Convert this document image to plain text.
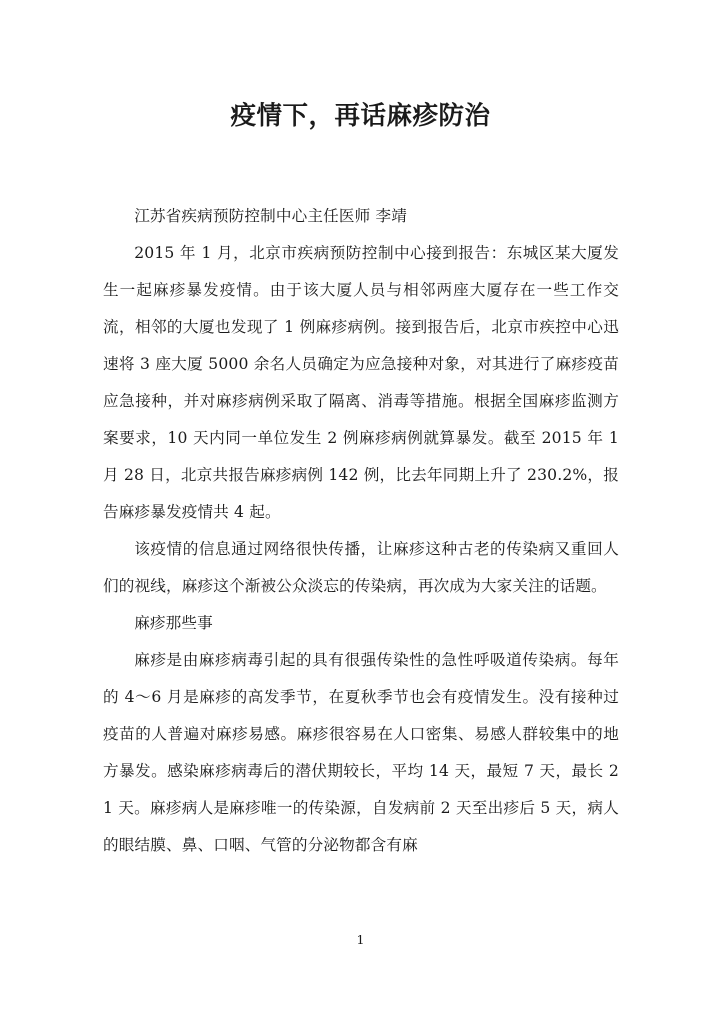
疫情下，再话麻疹防治

江苏省疾病预防控制中心主任医师 李靖

2015 年 1 月，北京市疾病预防控制中心接到报告：东城区某大厦发生一起麻疹暴发疫情。由于该大厦人员与相邻两座大厦存在一些工作交流，相邻的大厦也发现了 1 例麻疹病例。接到报告后，北京市疾控中心迅速将 3 座大厦 5000 余名人员确定为应急接种对象，对其进行了麻疹疫苗应急接种，并对麻疹病例采取了隔离、消毒等措施。根据全国麻疹监测方案要求，10 天内同一单位发生 2 例麻疹病例就算暴发。截至 2015 年 1 月 28 日，北京共报告麻疹病例 142 例，比去年同期上升了 230.2%，报告麻疹暴发疫情共 4 起。

该疫情的信息通过网络很快传播，让麻疹这种古老的传染病又重回人们的视线，麻疹这个渐被公众淡忘的传染病，再次成为大家关注的话题。

麻疹那些事

麻疹是由麻疹病毒引起的具有很强传染性的急性呼吸道传染病。每年的 4～6 月是麻疹的高发季节，在夏秋季节也会有疫情发生。没有接种过疫苗的人普遍对麻疹易感。麻疹很容易在人口密集、易感人群较集中的地方暴发。感染麻疹病毒后的潜伏期较长，平均 14 天，最短 7 天，最长 21 天。麻疹病人是麻疹唯一的传染源，自发病前 2 天至出疹后 5 天，病人的眼结膜、鼻、口咽、气管的分泌物都含有麻

1
